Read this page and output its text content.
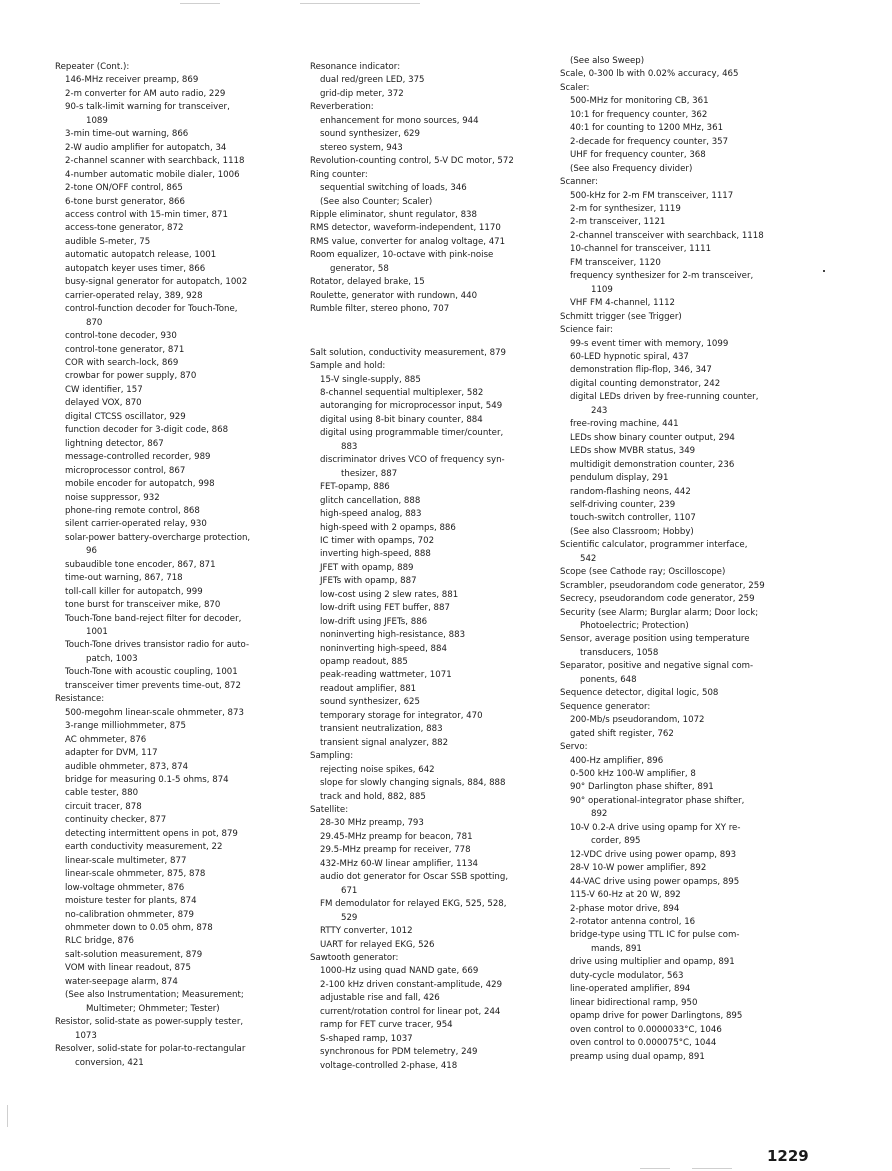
Repeater (Cont.):
146-MHz receiver preamp, 869
2-m converter for AM auto radio, 229
90-s talk-limit warning for transceiver,
1089
3-min time-out warning, 866
2-W audio amplifier for autopatch, 34
2-channel scanner with searchback, 1118
4-number automatic mobile dialer, 1006
2-tone ON/OFF control, 865
6-tone burst generator, 866
access control with 15-min timer, 871
access-tone generator, 872
audible S-meter, 75
automatic autopatch release, 1001
autopatch keyer uses timer, 866
busy-signal generator for autopatch, 1002
carrier-operated relay, 389, 928
control-function decoder for Touch-Tone,
870
control-tone decoder, 930
control-tone generator, 871
COR with search-lock, 869
crowbar for power supply, 870
CW identifier, 157
delayed VOX, 870
digital CTCSS oscillator, 929
function decoder for 3-digit code, 868
lightning detector, 867
message-controlled recorder, 989
microprocessor control, 867
mobile encoder for autopatch, 998
noise suppressor, 932
phone-ring remote control, 868
silent carrier-operated relay, 930
solar-power battery-overcharge protection,
96
subaudible tone encoder, 867, 871
time-out warning, 867, 718
toll-call killer for autopatch, 999
tone burst for transceiver mike, 870
Touch-Tone band-reject filter for decoder,
1001
Touch-Tone drives transistor radio for auto-
patch, 1003
Touch-Tone with acoustic coupling, 1001
transceiver timer prevents time-out, 872
Resistance:
500-megohm linear-scale ohmmeter, 873
3-range milliohmmeter, 875
AC ohmmeter, 876
adapter for DVM, 117
audible ohmmeter, 873, 874
bridge for measuring 0.1-5 ohms, 874
cable tester, 880
circuit tracer, 878
continuity checker, 877
detecting intermittent opens in pot, 879
earth conductivity measurement, 22
linear-scale multimeter, 877
linear-scale ohmmeter, 875, 878
low-voltage ohmmeter, 876
moisture tester for plants, 874
no-calibration ohmmeter, 879
ohmmeter down to 0.05 ohm, 878
RLC bridge, 876
salt-solution measurement, 879
VOM with linear readout, 875
water-seepage alarm, 874
(See also Instrumentation; Measurement;
Multimeter; Ohmmeter; Tester)
Resistor, solid-state as power-supply tester,
1073
Resolver, solid-state for polar-to-rectangular
conversion, 421
Resonance indicator:
dual red/green LED, 375
grid-dip meter, 372
Reverberation:
enhancement for mono sources, 944
sound synthesizer, 629
stereo system, 943
Revolution-counting control, 5-V DC motor, 572
Ring counter:
sequential switching of loads, 346
(See also Counter; Scaler)
Ripple eliminator, shunt regulator, 838
RMS detector, waveform-independent, 1170
RMS value, converter for analog voltage, 471
Room equalizer, 10-octave with pink-noise
generator, 58
Rotator, delayed brake, 15
Roulette, generator with rundown, 440
Rumble filter, stereo phono, 707
Salt solution, conductivity measurement, 879
Sample and hold:
15-V single-supply, 885
8-channel sequential multiplexer, 582
autoranging for microprocessor input, 549
digital using 8-bit binary counter, 884
digital using programmable timer/counter,
883
discriminator drives VCO of frequency syn-
thesizer, 887
FET-opamp, 886
glitch cancellation, 888
high-speed analog, 883
high-speed with 2 opamps, 886
IC timer with opamps, 702
inverting high-speed, 888
JFET with opamp, 889
JFETs with opamp, 887
low-cost using 2 slew rates, 881
low-drift using FET buffer, 887
low-drift using JFETs, 886
noninverting high-resistance, 883
noninverting high-speed, 884
opamp readout, 885
peak-reading wattmeter, 1071
readout amplifier, 881
sound synthesizer, 625
temporary storage for integrator, 470
transient neutralization, 883
transient signal analyzer, 882
Sampling:
rejecting noise spikes, 642
slope for slowly changing signals, 884, 888
track and hold, 882, 885
Satellite:
28-30 MHz preamp, 793
29.45-MHz preamp for beacon, 781
29.5-MHz preamp for receiver, 778
432-MHz 60-W linear amplifier, 1134
audio dot generator for Oscar SSB spotting,
671
FM demodulator for relayed EKG, 525, 528,
529
RTTY converter, 1012
UART for relayed EKG, 526
Sawtooth generator:
1000-Hz using quad NAND gate, 669
2-100 kHz driven constant-amplitude, 429
adjustable rise and fall, 426
current/rotation control for linear pot, 244
ramp for FET curve tracer, 954
S-shaped ramp, 1037
synchronous for PDM telemetry, 249
voltage-controlled 2-phase, 418
(See also Sweep)
Scale, 0-300 lb with 0.02% accuracy, 465
Scaler:
500-MHz for monitoring CB, 361
10:1 for frequency counter, 362
40:1 for counting to 1200 MHz, 361
2-decade for frequency counter, 357
UHF for frequency counter, 368
(See also Frequency divider)
Scanner:
500-kHz for 2-m FM transceiver, 1117
2-m for synthesizer, 1119
2-m transceiver, 1121
2-channel transceiver with searchback, 1118
10-channel for transceiver, 1111
FM transceiver, 1120
frequency synthesizer for 2-m transceiver,
1109
VHF FM 4-channel, 1112
Schmitt trigger (see Trigger)
Science fair:
99-s event timer with memory, 1099
60-LED hypnotic spiral, 437
demonstration flip-flop, 346, 347
digital counting demonstrator, 242
digital LEDs driven by free-running counter,
243
free-roving machine, 441
LEDs show binary counter output, 294
LEDs show MVBR status, 349
multidigit demonstration counter, 236
pendulum display, 291
random-flashing neons, 442
self-driving counter, 239
touch-switch controller, 1107
(See also Classroom; Hobby)
Scientific calculator, programmer interface,
542
Scope (see Cathode ray; Oscilloscope)
Scrambler, pseudorandom code generator, 259
Secrecy, pseudorandom code generator, 259
Security (see Alarm; Burglar alarm; Door lock;
Photoelectric; Protection)
Sensor, average position using temperature
transducers, 1058
Separator, positive and negative signal com-
ponents, 648
Sequence detector, digital logic, 508
Sequence generator:
200-Mb/s pseudorandom, 1072
gated shift register, 762
Servo:
400-Hz amplifier, 896
0-500 kHz 100-W amplifier, 8
90° Darlington phase shifter, 891
90° operational-integrator phase shifter,
892
10-V 0.2-A drive using opamp for XY re-
corder, 895
12-VDC drive using power opamp, 893
28-V 10-W power amplifier, 892
44-VAC drive using power opamps, 895
115-V 60-Hz at 20 W, 892
2-phase motor drive, 894
2-rotator antenna control, 16
bridge-type using TTL IC for pulse com-
mands, 891
drive using multiplier and opamp, 891
duty-cycle modulator, 563
line-operated amplifier, 894
linear bidirectional ramp, 950
opamp drive for power Darlingtons, 895
oven control to 0.0000033°C, 1046
oven control to 0.000075°C, 1044
preamp using dual opamp, 891
1229
